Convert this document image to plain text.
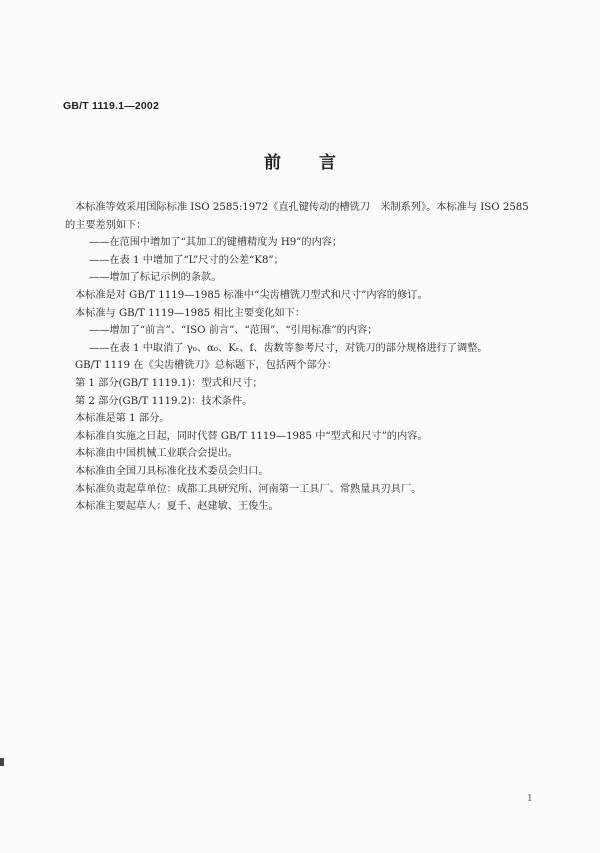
GB/T 1119.1—2002
前 言
本标准等效采用国际标准 ISO 2585:1972《直孔键传动的槽铣刀　米制系列》。本标准与 ISO 2585
的主要差别如下：
——在范围中增加了“其加工的键槽精度为 H9”的内容；
——在表 1 中增加了“L”尺寸的公差“K8”；
——增加了标记示例的条款。
本标准是对 GB/T 1119—1985 标准中“尖齿槽铣刀型式和尺寸”内容的修订。
本标准与 GB/T 1119—1985 相比主要变化如下：
——增加了“前言”、“ISO 前言”、“范围”、“引用标准”的内容；
——在表 1 中取消了 γ₀、α₀、Kᵣ、f、齿数等参考尺寸，对铣刀的部分规格进行了调整。
GB/T 1119 在《尖齿槽铣刀》总标题下，包括两个部分：
第 1 部分(GB/T 1119.1)：型式和尺寸；
第 2 部分(GB/T 1119.2)：技术条件。
本标准是第 1 部分。
本标准自实施之日起，同时代替 GB/T 1119—1985 中“型式和尺寸”的内容。
本标准由中国机械工业联合会提出。
本标准由全国刀具标准化技术委员会归口。
本标准负责起草单位：成都工具研究所、河南第一工具厂、常熟量具刃具厂。
本标准主要起草人：夏千、赵建敏、王俊生。
1
